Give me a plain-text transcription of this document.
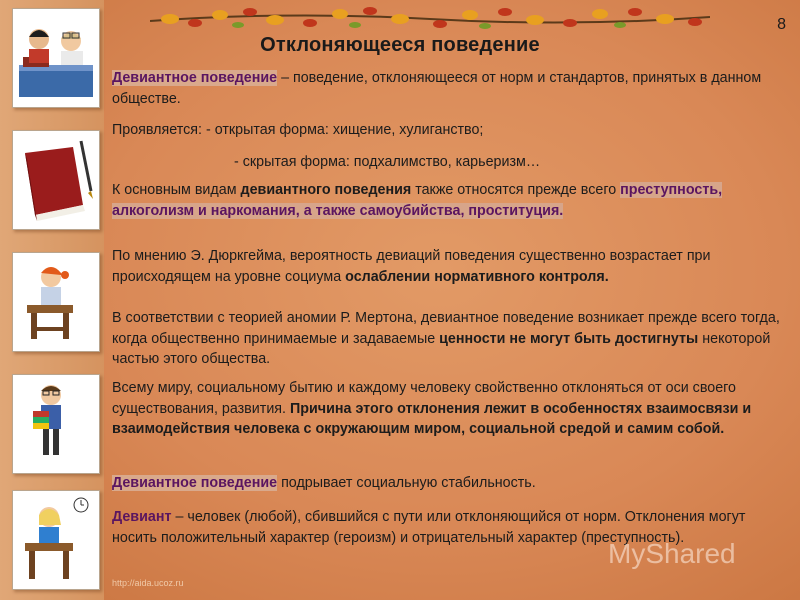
8
Отклоняющееся поведение
Девиантное поведение – поведение, отклоняющееся от норм и стандартов, принятых в данном обществе.
Проявляется: - открытая форма: хищение, хулиганство;
- скрытая форма: подхалимство, карьеризм…
К основным видам девиантного поведения также относятся прежде всего преступность, алкоголизм и наркомания, а также самоубийства, проституция.
По мнению Э. Дюркгейма, вероятность девиаций поведения существенно возрастает при происходящем на уровне социума ослаблении нормативного контроля.
В соответствии с теорией аномии Р. Мертона, девиантное поведение возникает прежде всего тогда, когда общественно принимаемые и задаваемые ценности не могут быть достигнуты некоторой частью этого общества.
Всему миру, социальному бытию и каждому человеку свойственно отклоняться от оси своего существования, развития. Причина этого отклонения лежит в особенностях взаимосвязи и взаимодействия человека с окружающим миром, социальной средой и самим собой.
Девиантное поведение подрывает социальную стабильность.
Девиант – человек (любой), сбившийся с пути или отклоняющийся от норм. Отклонения могут носить положительный характер (героизм) и отрицательный характер (преступность).
http://aida.ucoz.ru
MyShared
